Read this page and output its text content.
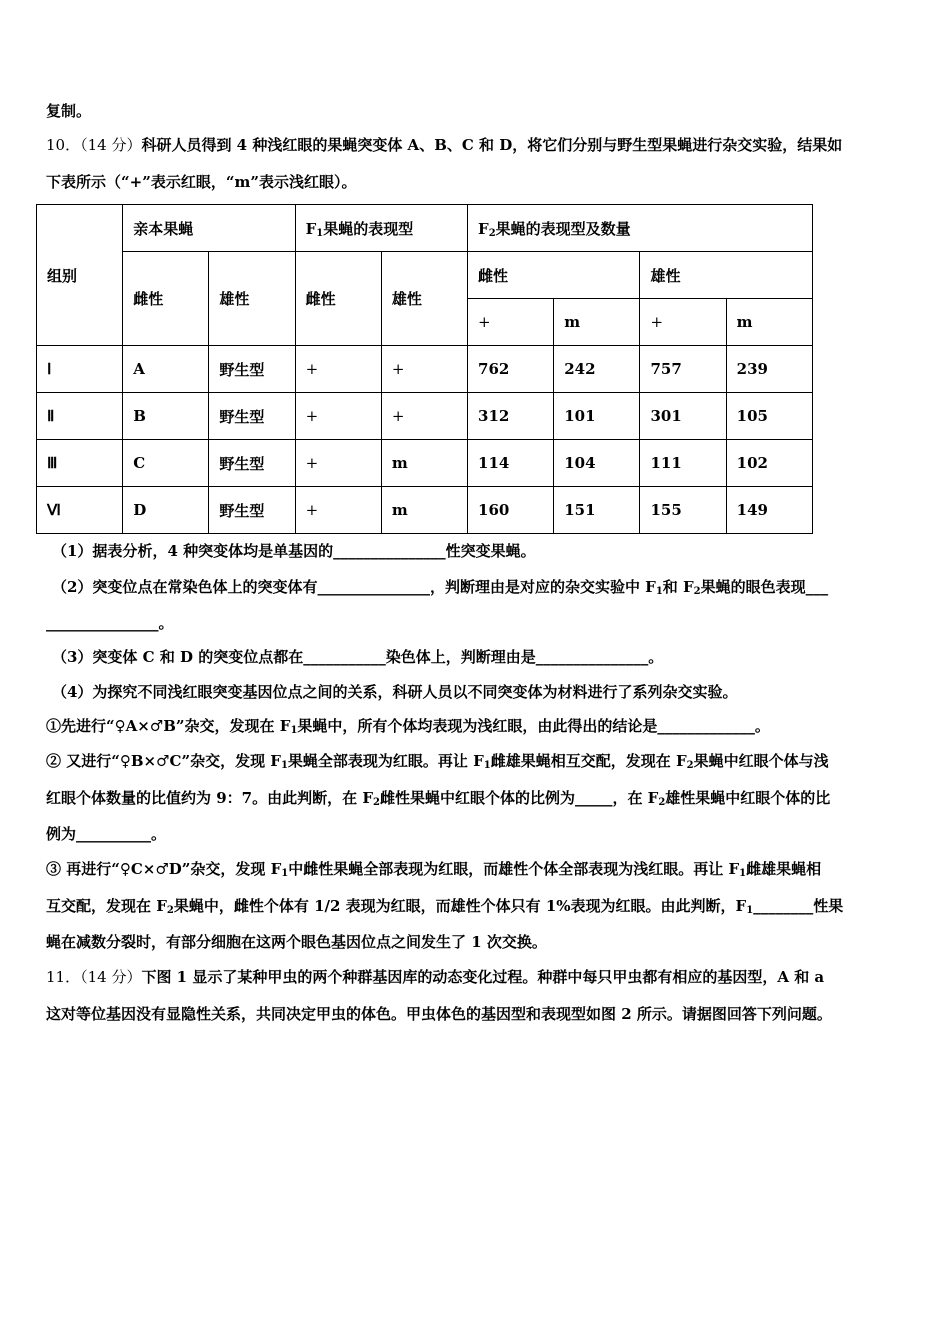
复制。
10．（14 分）科研人员得到 4 种浅红眼的果蝇突变体 A、B、C 和 D，将它们分别与野生型果蝇进行杂交实验，结果如
下表所示（“+”表示红眼，“m”表示浅红眼）。
组别	亲本果蝇		$F_1$果蝇的表现型		$F_2$果蝇的表现型及数量			
	雌性	雄性	雌性	雄性	雌性		雄性	
					+	m	+	m
Ⅰ	A	野生型	+	+	762	242	757	239
Ⅱ	B	野生型	+	+	312	101	301	105
Ⅲ	C	野生型	+	m	114	104	111	102
Ⅵ	D	野生型	+	m	160	151	155	149
（1）据表分析，4 种突变体均是单基因的_______________性突变果蝇。
（2）突变位点在常染色体上的突变体有_______________，判断理由是对应的杂交实验中 $F_1$和 $F_2$果蝇的眼色表现___
_______________。
（3）突变体 C 和 D 的突变位点都在___________染色体上，判断理由是_______________。
（4）为探究不同浅红眼突变基因位点之间的关系，科研人员以不同突变体为材料进行了系列杂交实验。
①先进行“♀A×♂B”杂交，发现在 $F_1$果蝇中，所有个体均表现为浅红眼，由此得出的结论是_____________。
② 又进行“♀B×♂C”杂交，发现 $F_1$果蝇全部表现为红眼。再让 $F_1$雌雄果蝇相互交配，发现在 $F_2$果蝇中红眼个体与浅
红眼个体数量的比值约为 9：7。由此判断，在 $F_2$雌性果蝇中红眼个体的比例为_____，在 $F_2$雄性果蝇中红眼个体的比
例为__________。
③ 再进行“♀C×♂D”杂交，发现 $F_1$中雌性果蝇全部表现为红眼，而雄性个体全部表现为浅红眼。再让 $F_1$雌雄果蝇相
互交配，发现在 $F_2$果蝇中，雌性个体有 1/2 表现为红眼，而雄性个体只有 1%表现为红眼。由此判断，$F_1\_\_\_\_\_\_\_\_$性果
蝇在减数分裂时，有部分细胞在这两个眼色基因位点之间发生了 1 次交换。
11．（14 分）下图 1 显示了某种甲虫的两个种群基因库的动态变化过程。种群中每只甲虫都有相应的基因型，A 和 a
这对等位基因没有显隐性关系，共同决定甲虫的体色。甲虫体色的基因型和表现型如图 2 所示。请据图回答下列问题。
